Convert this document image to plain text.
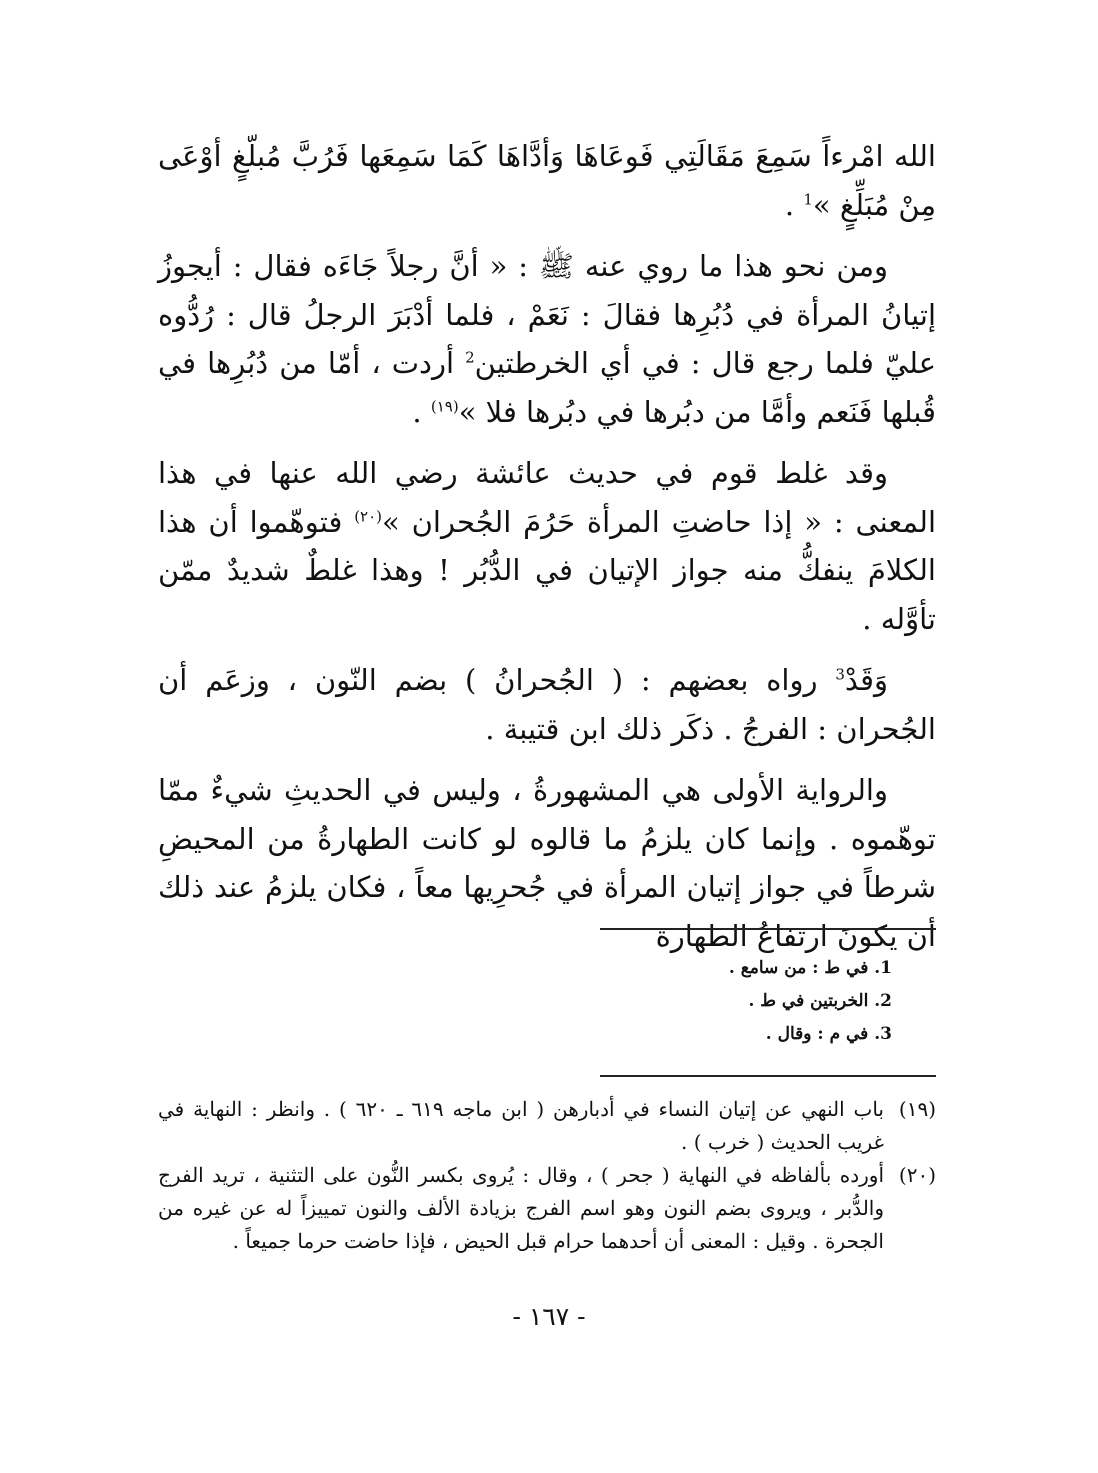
الله امْرءاً سَمِعَ مَقَالَتِي فَوعَاهَا وَأدَّاهَا كَمَا سَمِعَها فَرُبَّ مُبلّغٍ أوْعَى مِنْ مُبَلِّغٍ »$^1$ .

ومن نحو هذا ما روي عنه ﷺ : « أنَّ رجلاً جَاءَه فقال : أيجوزُ إتيانُ المرأة في دُبُرِها فقالَ : نَعَمْ ، فلما أدْبَرَ الرجلُ قال : رُدُّوه عليّ فلما رجع قال : في أي الخرطتين$^2$ أردت ، أمّا من دُبُرِها في قُبلها فَنَعم وأمَّا من دبُرها في دبُرها فلا »$^{(١٩)}$ .

وقد غلط قوم في حديث عائشة رضي الله عنها في هذا المعنى : « إذا حاضتِ المرأة حَرُمَ الجُحران »$^{(٢٠)}$ فتوهّموا أن هذا الكلامَ ينفكُّ منه جواز الإتيان في الدُّبُر ! وهذا غلطٌ شديدٌ ممّن تأوَّله .

وَقَدْ$^3$ رواه بعضهم : ( الجُحرانُ ) بضم النّون ، وزعَم أن الجُحران : الفرجُ . ذكَر ذلك ابن قتيبة .

والرواية الأولى هي المشهورةُ ، وليس في الحديثِ شيءٌ ممّا توهّموه . وإنما كان يلزمُ ما قالوه لو كانت الطهارةُ من المحيضِ شرطاً في جواز إتيان المرأة في جُحرِيها معاً ، فكان يلزمُ عند ذلك أن يكونَ ارتفاعُ الطهارة

1. في ط : من سامع .
2. الخربتين في ط .
3. في م : وقال .
(١٩)
باب النهي عن إتيان النساء في أدبارهن ( ابن ماجه ٦١٩ ـ ٦٢٠ ) . وانظر : النهاية في غريب الحديث ( خرب ) .
(٢٠)
أورده بألفاظه في النهاية ( جحر ) ، وقال : يُروى بكسر النُّون على التثنية ، تريد الفرج والدُّبر ، ويروى بضم النون وهو اسم الفرج بزيادة الألف والنون تمييزاً له عن غيره من الجحرة . وقيل : المعنى أن أحدهما حرام قبل الحيض ، فإذا حاضت حرما جميعاً .
- ١٦٧ -
